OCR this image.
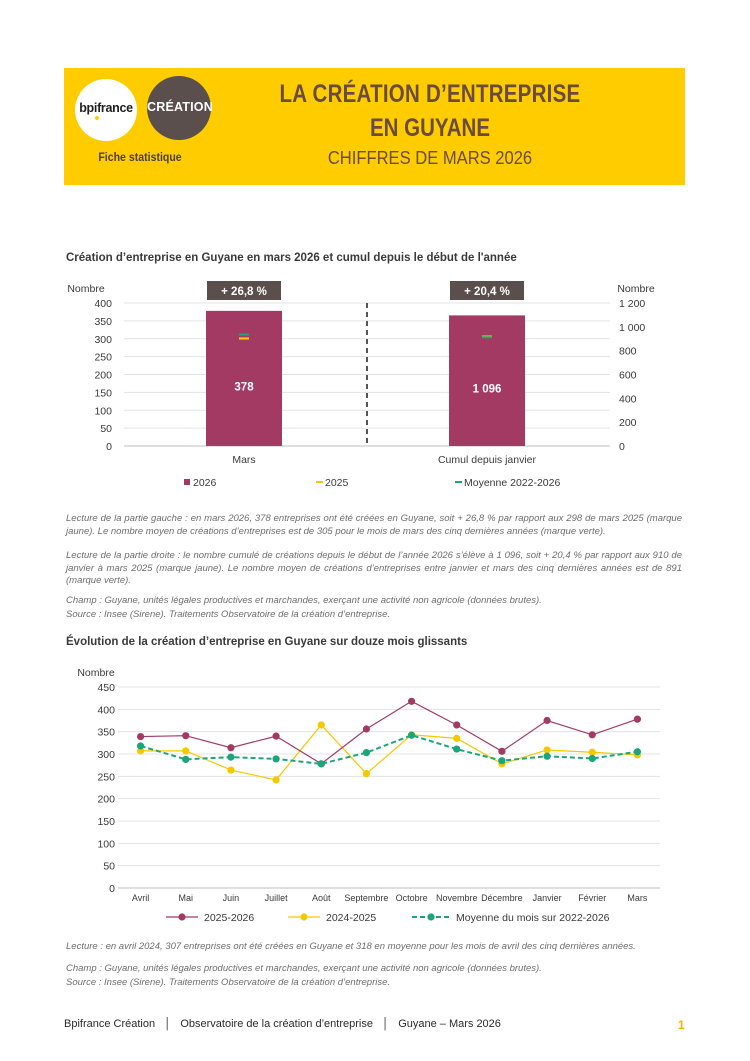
bpifrance	CRÉATION
Fiche statistique
LA CRÉATION D’ENTREPRISE
EN GUYANE
CHIFFRES DE MARS 2026
Création d’entreprise en Guyane en mars 2026 et cumul depuis le début de l'année
0
50
100
150
200
250
300
350
400
0
200
400
600
800
1 000
1 200
Nombre	Nombre
378
+ 26,8 %
1 096
+ 20,4 %
Mars	Cumul depuis janvier
2026	2025	Moyenne 2022-2026
Lecture de la partie gauche : en mars 2026, 378 entreprises ont été créées en Guyane, soit + 26,8 % par rapport aux 298 de mars 2025 (marque jaune). Le nombre moyen de créations d’entreprises est de 305 pour le mois de mars des cinq dernières années (marque verte).
Lecture de la partie droite : le nombre cumulé de créations depuis le début de l’année 2026 s’élève à 1 096, soit + 20,4 % par rapport aux 910 de janvier à mars 2025 (marque jaune). Le nombre moyen de créations d’entreprises entre janvier et mars des cinq dernières années est de 891 (marque verte).
Champ : Guyane, unités légales productives et marchandes, exerçant une activité non agricole (données brutes).
Source : Insee (Sirene). Traitements Observatoire de la création d’entreprise.
Évolution de la création d’entreprise en Guyane sur douze mois glissants
Nombre
0
50
100
150
200
250
300
350
400
450
Avril	Mai	Juin	Juillet	Août Septembre Octobre Novembre Décembre Janvier Février Mars
2025-2026	2024-2025	Moyenne du mois sur 2022-2026
Lecture : en avril 2024, 307 entreprises ont été créées en Guyane et 318 en moyenne pour les mois de avril des cinq dernières années.
Champ : Guyane, unités légales productives et marchandes, exerçant une activité non agricole (données brutes).
Source : Insee (Sirene). Traitements Observatoire de la création d’entreprise.
Bpifrance Création   │   Observatoire de la création d’entreprise   │   Guyane – Mars 2026	1
